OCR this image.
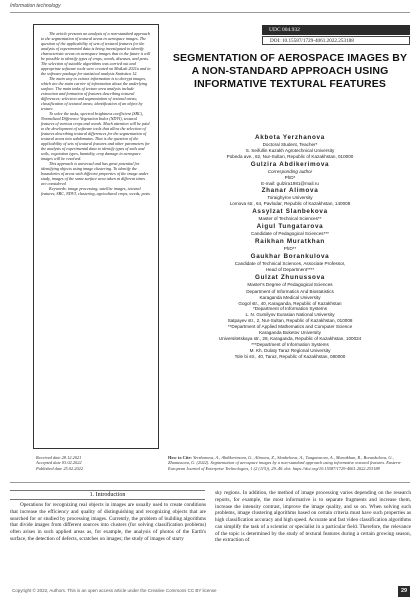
Information technology

The article presents an analysis of a non-standard approach to the segmentation of textural areas in aerospace images. The question of the applicability of sets of textural features for the analysis of experimental data is being investigated to identify characteristic areas on aerospace images that in the future it will be possible to identify types of crops, weeds, diseases, and pests. The selection of suitable algorithms was carried out and appropriate software tools were created on MatLab 2021a and in the software package for statistical analysis Statistica 12.

The main way to extract information is to decrypt images, which are the main carrier of information about the underlying surface. The main tasks of texture area analysis include extraction and formation of features describing textural differences; selection and segmentation of textural areas; classification of textural areas; identification of an object by texture.

To solve the tasks, spectral brightness coefficient (SBC), Normalized Difference Vegetation Index (NDVI), textural features of various crops and weeds. Much attention will be paid to the development of software tools that allow the selection of features describing textural differences for the segmentation of textural areas into subdomains. That is the question of the applicability of sets of textural features and other parameters for the analysis of experimental data to identify types of soils and soils, vegetation types, humidity, crop damage in aerospace images will be resolved.

This approach is universal and has great potential for identifying objects using image clustering. To identify the boundaries of areas with different properties of the image under study, images of the same surface area taken at different times are considered

Keywords: image processing, satellite images, textural features, SBC, NDVI, clustering, agricultural crops, weeds, pests

UDC 004.932
DOI: 10.15587/1729-4061.2022.253188
SEGMENTATION OF AEROSPACE IMAGES BY A NON-STANDARD APPROACH USING INFORMATIVE TEXTURAL FEATURES
Akbota Yerzhanova
Doctoral Student, Teacher*
S. Seifullin Kazakh Agrotechnical University
Pobeda ave., 62, Nur-Sultan, Republic of Kazakhstan, 010000
Gulzira Abdikerimova
Corresponding author
PhD*
E-mail: gulzira1981@mail.ru
Zhanar Alimova
Toraighyrov University
Lomova str., 64, Pavlodar, Republic of Kazakhstan, 140008
Assylzat Slanbekova
Master of Technical Sciences**
Aigul Tungatarova
Candidate of Pedagogical Sciences***
Raikhan Muratkhan
PhD**
Gaukhar Borankulova
Candidate of Technical Sciences, Associate Professor,
Head of Department****
Gulzat Zhunussova
Master's Degree of Pedagogical Sciences
Department of Informatics And Biostatistics
Karaganda Medical University
Gogol str., 40, Karaganda, Republic of Kazakhstan
*Department of Information Systems
L. N. Gumilyov Eurasian National University
Satpayev str., 2, Nur-Sultan, Republic of Kazakhstan, 010008
**Department of Applied Mathematics and Computer Science
Karaganda Buketov University
Universitetskaya str., 28, Karaganda, Republic of Kazakhstan, 100024
***Department of Information Systems
M. Kh. Dulaty Taraz Regional University
Tole bi str., 40, Taraz, Republic of Kazakhstan, 080000
Received date 28.12.2021
Accepted date 03.02.2022
Published date 25.02.2022
How to Cite: Yerzhanova, A., Abdikerimova, G., Alimova, Z., Slanbekova, A., Tungatarova, A., Muratkhan, R., Borankulova, G., Zhunussova, G. (2022). Segmentation of aerospace images by a non-standard approach using informative textural features. Eastern-European Journal of Enterprise Technologies, 1 (2 (115)), 29–40. doi: https://doi.org/10.15587/1729-4061.2022.253188
1. Introduction

Operations for recognizing real objects in images are usually used to create conditions that increase the efficiency and quality of distinguishing and recognizing objects that are searched for or studied by processing images. Currently, the problem of building algorithms that divide images from different sources into clusters (for solving classification problems) often arises in such applied areas as, for example, the analysis of photos of the Earth's surface, the detection of defects, scratches on images; the study of images of starry

sky regions. In addition, the method of image processing varies depending on the research reports, for example, the most informative is to separate fragments and increase them, increase the intensity contrast, improve the image quality, and so on. When solving such problems, image clustering algorithms based on certain criteria must have such properties as high classification accuracy and high speed. Accurate and fast video classification algorithms can simplify the task of a scientist or specialist in a particular field. Therefore, the relevance of the topic is determined by the study of textural features during a certain growing season, the extraction of

Copyright © 2022, Authors. This is an open access article under the Creative Commons CC BY license	29
